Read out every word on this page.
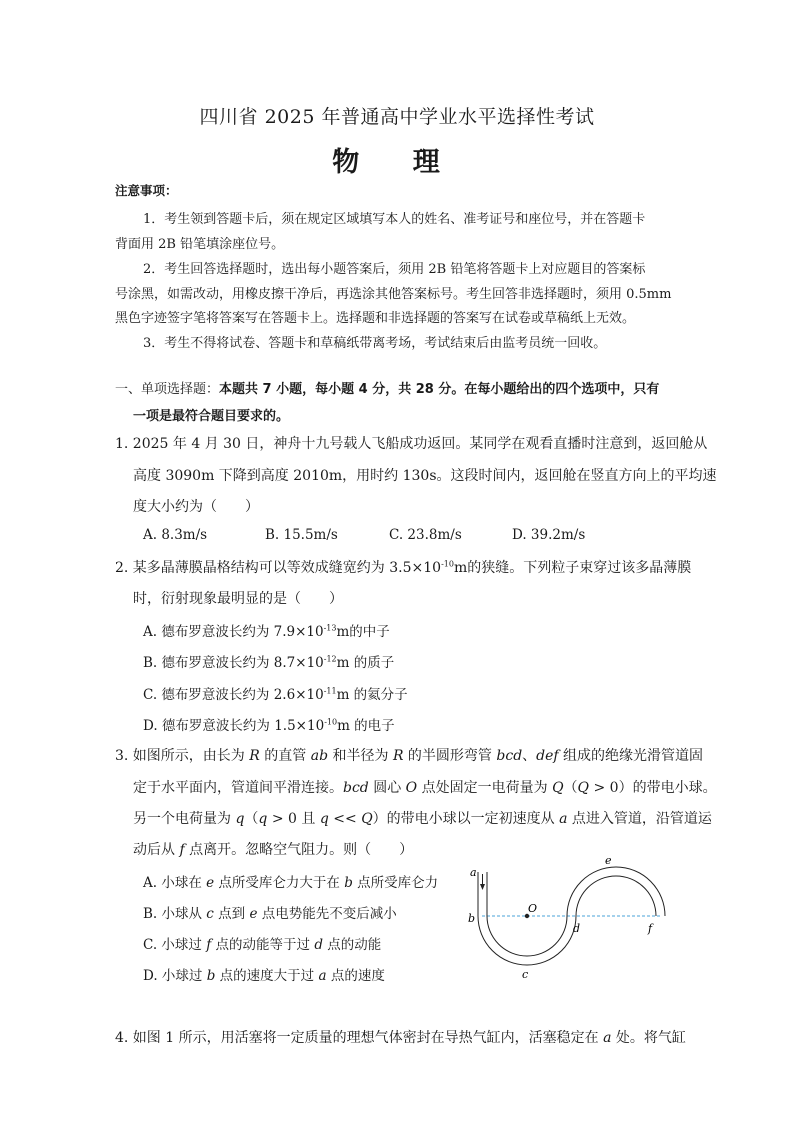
四川省 2025 年普通高中学业水平选择性考试
物 理
注意事项：
1．考生领到答题卡后，须在规定区域填写本人的姓名、准考证号和座位号，并在答题卡
背面用 2B 铅笔填涂座位号。
2．考生回答选择题时，选出每小题答案后，须用 2B 铅笔将答题卡上对应题目的答案标
号涂黑，如需改动，用橡皮擦干净后，再选涂其他答案标号。考生回答非选择题时，须用 0.5mm
黑色字迹签字笔将答案写在答题卡上。选择题和非选择题的答案写在试卷或草稿纸上无效。
3．考生不得将试卷、答题卡和草稿纸带离考场，考试结束后由监考员统一回收。
一、单项选择题：本题共 7 小题，每小题 4 分，共 28 分。在每小题给出的四个选项中，只有
一项是最符合题目要求的。
1. 2025 年 4 月 30 日，神舟十九号载人飞船成功返回。某同学在观看直播时注意到，返回舱从
高度 3090m 下降到高度 2010m，用时约 130s。这段时间内，返回舱在竖直方向上的平均速
度大小约为（　　）
A. 8.3m/s	B. 15.5m/s	C. 23.8m/s	D. 39.2m/s
2. 某多晶薄膜晶格结构可以等效成缝宽约为 $3.5\times 10^{-10}m$的狭缝。下列粒子束穿过该多晶薄膜
时，衍射现象最明显的是（　　）
A. 德布罗意波长约为 $7.9\times 10^{-13}m$的中子
B. 德布罗意波长约为 $8.7\times 10^{-12}m$ 的质子
C. 德布罗意波长约为 $2.6\times 10^{-11}m$ 的氦分子
D. 德布罗意波长约为 $1.5\times 10^{-10}m$ 的电子
3. 如图所示，由长为 R 的直管 ab 和半径为 R 的半圆形弯管 bcd、def 组成的绝缘光滑管道固
定于水平面内，管道间平滑连接。bcd 圆心 O 点处固定一电荷量为 Q（Q > 0）的带电小球。
另一个电荷量为 q（q > 0 且 q << Q）的带电小球以一定初速度从 a 点进入管道，沿管道运
动后从 f 点离开。忽略空气阻力。则（　　）
A. 小球在 e 点所受库仑力大于在 b 点所受库仑力
B. 小球从 c 点到 e 点电势能先不变后减小
C. 小球过 f 点的动能等于过 d 点的动能
D. 小球过 b 点的速度大于过 a 点的速度
a
b
c
d
e
f
O
4. 如图 1 所示，用活塞将一定质量的理想气体密封在导热气缸内，活塞稳定在 a 处。将气缸
